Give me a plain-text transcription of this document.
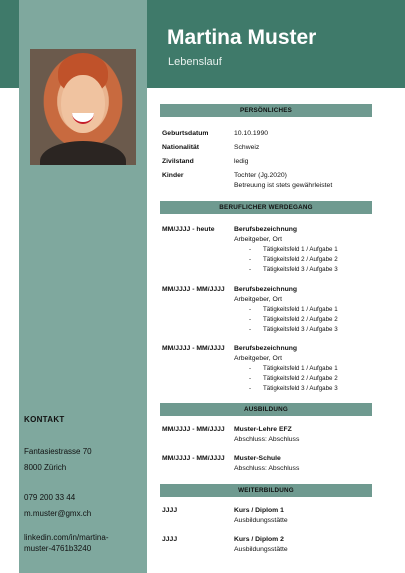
Martina Muster
Lebenslauf
PERSÖNLICHES
Geburtsdatum	10.10.1990
Nationalität	Schweiz
Zivilstand	ledig
Kinder	Tochter (Jg.2020)
Betreuung ist stets gewährleistet
BERUFLICHER WERDEGANG
MM/JJJJ - heute	Berufsbezeichnung
Arbeitgeber, Ort
- Tätigkeitsfeld 1 / Aufgabe 1
- Tätigkeitsfeld 2 / Aufgabe 2
- Tätigkeitsfeld 3 / Aufgabe 3
MM/JJJJ - MM/JJJJ Berufsbezeichnung
Arbeitgeber, Ort
- Tätigkeitsfeld 1 / Aufgabe 1
- Tätigkeitsfeld 2 / Aufgabe 2
- Tätigkeitsfeld 3 / Aufgabe 3
MM/JJJJ - MM/JJJJ Berufsbezeichnung
Arbeitgeber, Ort
- Tätigkeitsfeld 1 / Aufgabe 1
- Tätigkeitsfeld 2 / Aufgabe 2
- Tätigkeitsfeld 3 / Aufgabe 3
AUSBILDUNG
MM/JJJJ - MM/JJJJ Muster-Lehre EFZ
Abschluss: Abschluss
MM/JJJJ - MM/JJJJ Muster-Schule
Abschluss: Abschluss
WEITERBILDUNG
JJJJ	Kurs / Diplom 1
Ausbildungsstätte
JJJJ	Kurs / Diplom 2
Ausbildungsstätte
KONTAKT
Fantasiestrasse 70
8000 Zürich
079 200 33 44
m.muster@gmx.ch
linkedin.com/in/martina-
muster-4761b3240
